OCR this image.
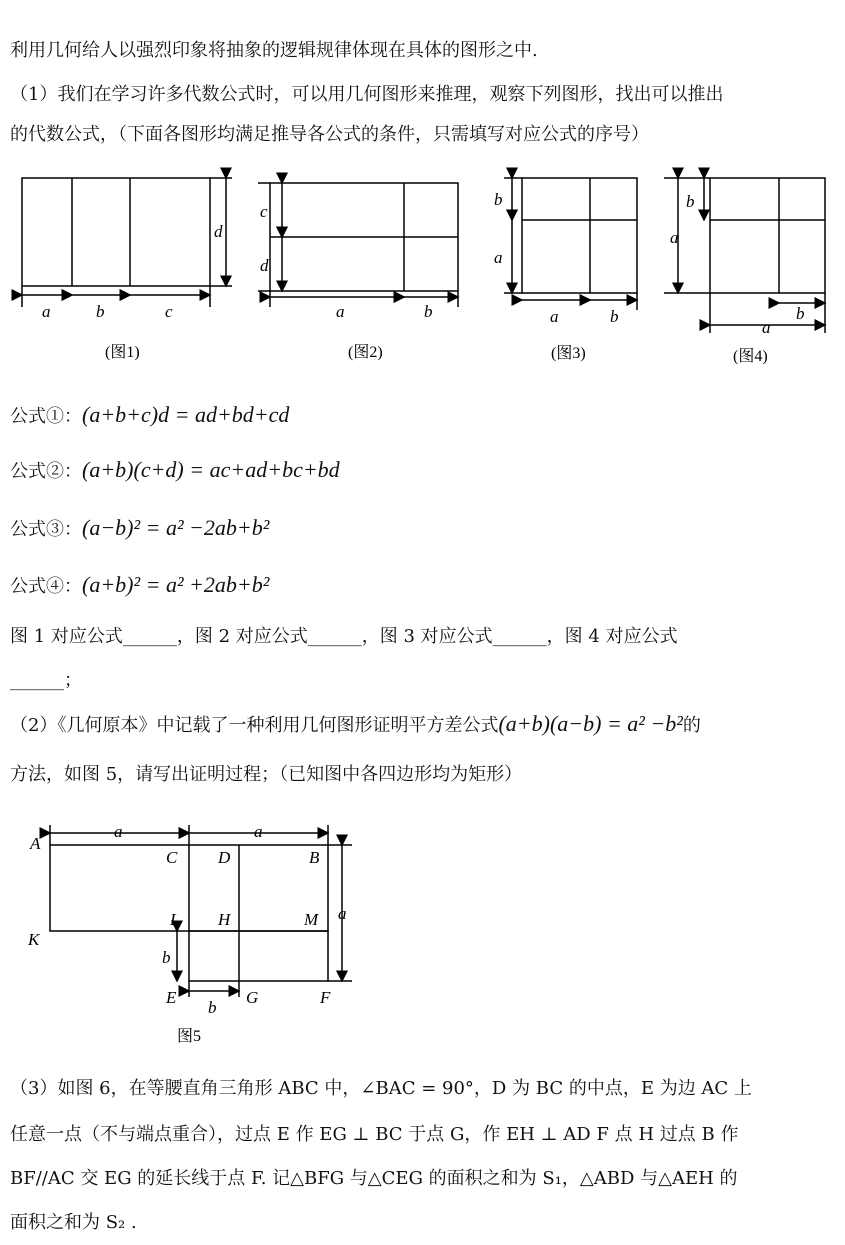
利用几何给人以强烈印象将抽象的逻辑规律体现在具体的图形之中.
（1）我们在学习许多代数公式时，可以用几何图形来推理，观察下列图形，找出可以推出
的代数公式，（下面各图形均满足推导各公式的条件，只需填写对应公式的序号）
a	b	c
d
(图1)
a	b
c
d
(图2)
a	b
a
b
(图3)
a
b
a
b
(图4)
公式①：(a+b+c)d = ad+bd+cd
公式②：(a+b)(c+d) = ac+ad+bc+bd
公式③：(a−b)² = a² −2ab+b²
公式④：(a+b)² = a² +2ab+b²
图 1 对应公式______，图 2 对应公式______，图 3 对应公式______，图 4 对应公式
______；
（2）《几何原本》中记载了一种利用几何图形证明平方差公式(a+b)(a−b) = a² −b²的
方法，如图 5，请写出证明过程；（已知图中各四边形均为矩形）
A
B
C D
E	F
G
H
K
L	M
a	a
a
b
b
图5
（3）如图 6，在等腰直角三角形 ABC 中，∠BAC = 90°，D 为 BC 的中点，E 为边 AC 上
任意一点（不与端点重合），过点 E 作 EG ⊥ BC 于点 G，作 EH ⊥ AD F 点 H 过点 B 作
BF//AC 交 EG 的延长线于点 F. 记△BFG 与△CEG 的面积之和为 S₁，△ABD 与△AEH 的
面积之和为 S₂ .
